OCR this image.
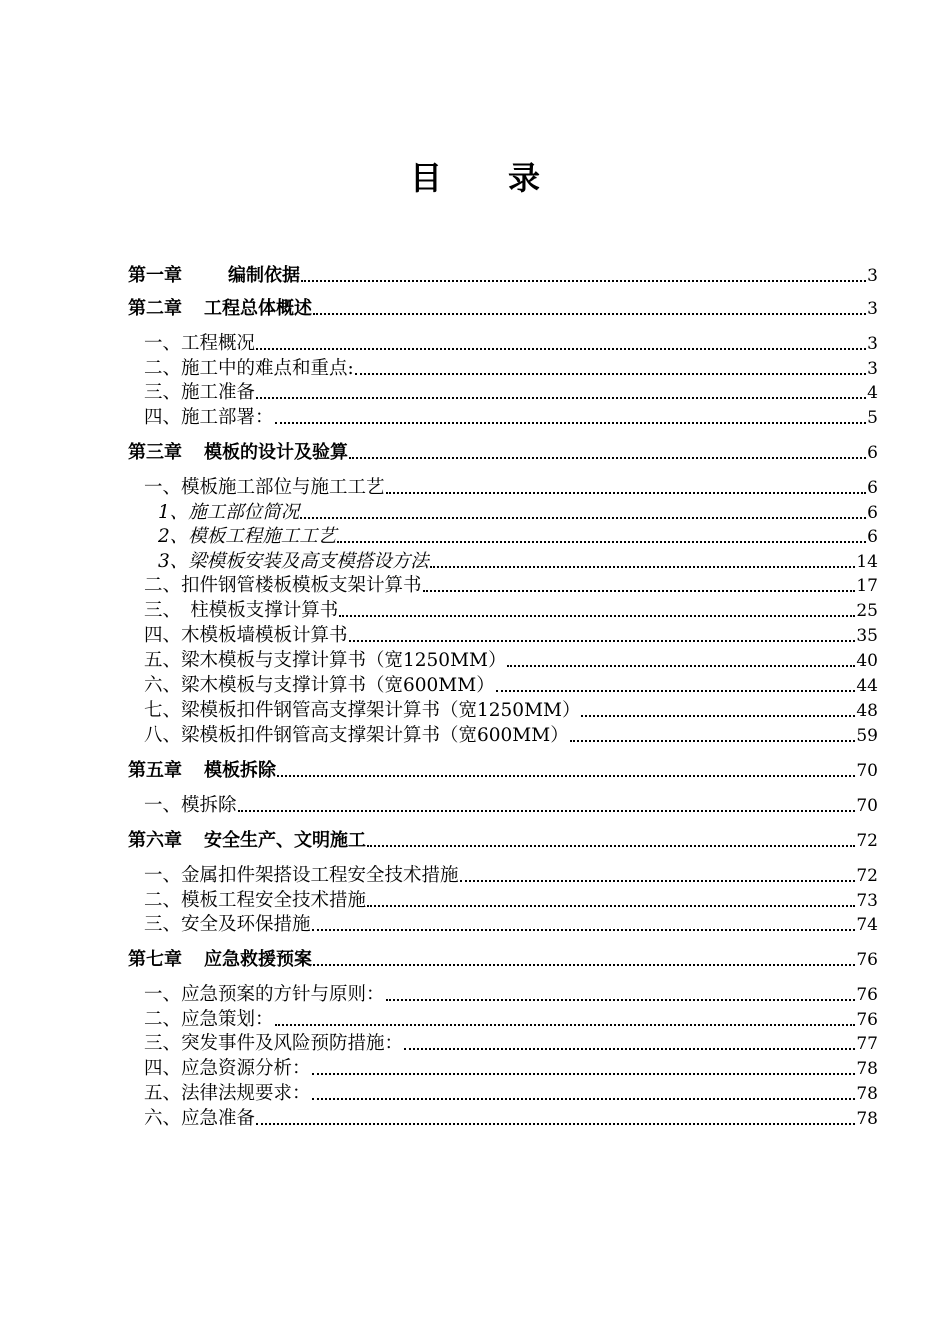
目 录
第一章	编制依据	3
第二章 工程总体概述	3
一、工程概况	3
二、施工中的难点和重点:	3
三、施工准备	4
四、施工部署：	5
第三章 模板的设计及验算	6
一、模板施工部位与施工工艺	6
1、施工部位简况	6
2、模板工程施工工艺	6
3、梁模板安装及高支模搭设方法	14
二、扣件钢管楼板模板支架计算书	17
三、　柱模板支撑计算书	25
四、木模板墙模板计算书	35
五、梁木模板与支撑计算书（宽1250MM）	40
六、梁木模板与支撑计算书（宽600MM）	44
七、梁模板扣件钢管高支撑架计算书（宽1250MM）	48
八、梁模板扣件钢管高支撑架计算书（宽600MM）	59
第五章 模板拆除	70
一、模拆除	70
第六章 安全生产、文明施工	72
一、金属扣件架搭设工程安全技术措施	72
二、模板工程安全技术措施	73
三、安全及环保措施	74
第七章 应急救援预案	76
一、应急预案的方针与原则：	76
二、应急策划：	76
三、突发事件及风险预防措施：	77
四、应急资源分析：	78
五、法律法规要求：	78
六、应急准备	78
